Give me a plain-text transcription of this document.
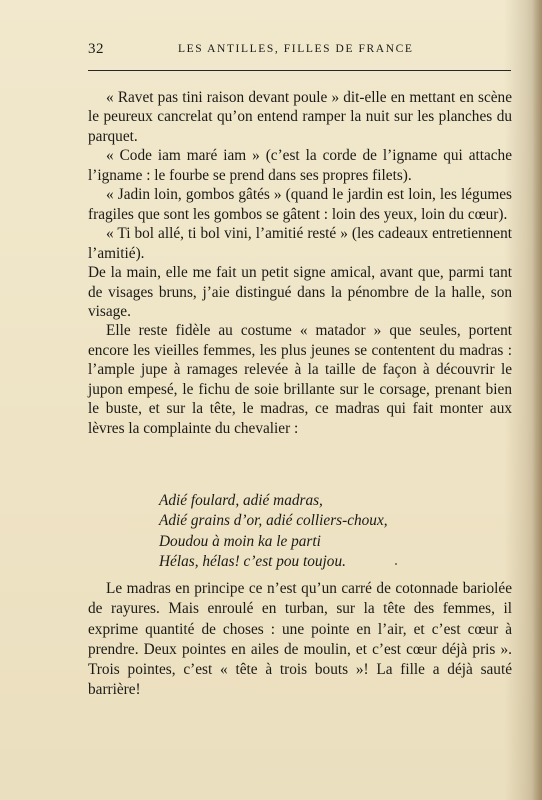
32	LES ANTILLES, FILLES DE FRANCE

« Ravet pas tini raison devant poule » dit-elle en mettant en scène le peureux cancrelat qu’on entend ramper la nuit sur les planches du parquet.

« Code iam maré iam » (c’est la corde de l’igname qui attache l’igname : le fourbe se prend dans ses propres filets).

« Jadin loin, gombos gâtés » (quand le jardin est loin, les légumes fragiles que sont les gombos se gâtent : loin des yeux, loin du cœur).

« Ti bol allé, ti bol vini, l’amitié resté » (les cadeaux entretiennent l’amitié).

De la main, elle me fait un petit signe amical, avant que, parmi tant de visages bruns, j’aie distingué dans la pénombre de la halle, son visage.

Elle reste fidèle au costume « matador » que seules, portent encore les vieilles femmes, les plus jeunes se contentent du madras : l’ample jupe à ramages relevée à la taille de façon à découvrir le jupon empesé, le fichu de soie brillante sur le corsage, prenant bien le buste, et sur la tête, le madras, ce madras qui fait monter aux lèvres la complainte du chevalier :

Adié foulard, adié madras,
Adié grains d’or, adié colliers-choux,
Doudou à moin ka le parti
Hélas, hélas! c’est pou toujou.

Le madras en principe ce n’est qu’un carré de cotonnade bariolée de rayures. Mais enroulé en turban, sur la tête des femmes, il exprime quantité de choses : une pointe en l’air, et c’est cœur à prendre. Deux pointes en ailes de moulin, et c’est cœur déjà pris ». Trois pointes, c’est « tête à trois bouts »! La fille a déjà sauté barrière!
